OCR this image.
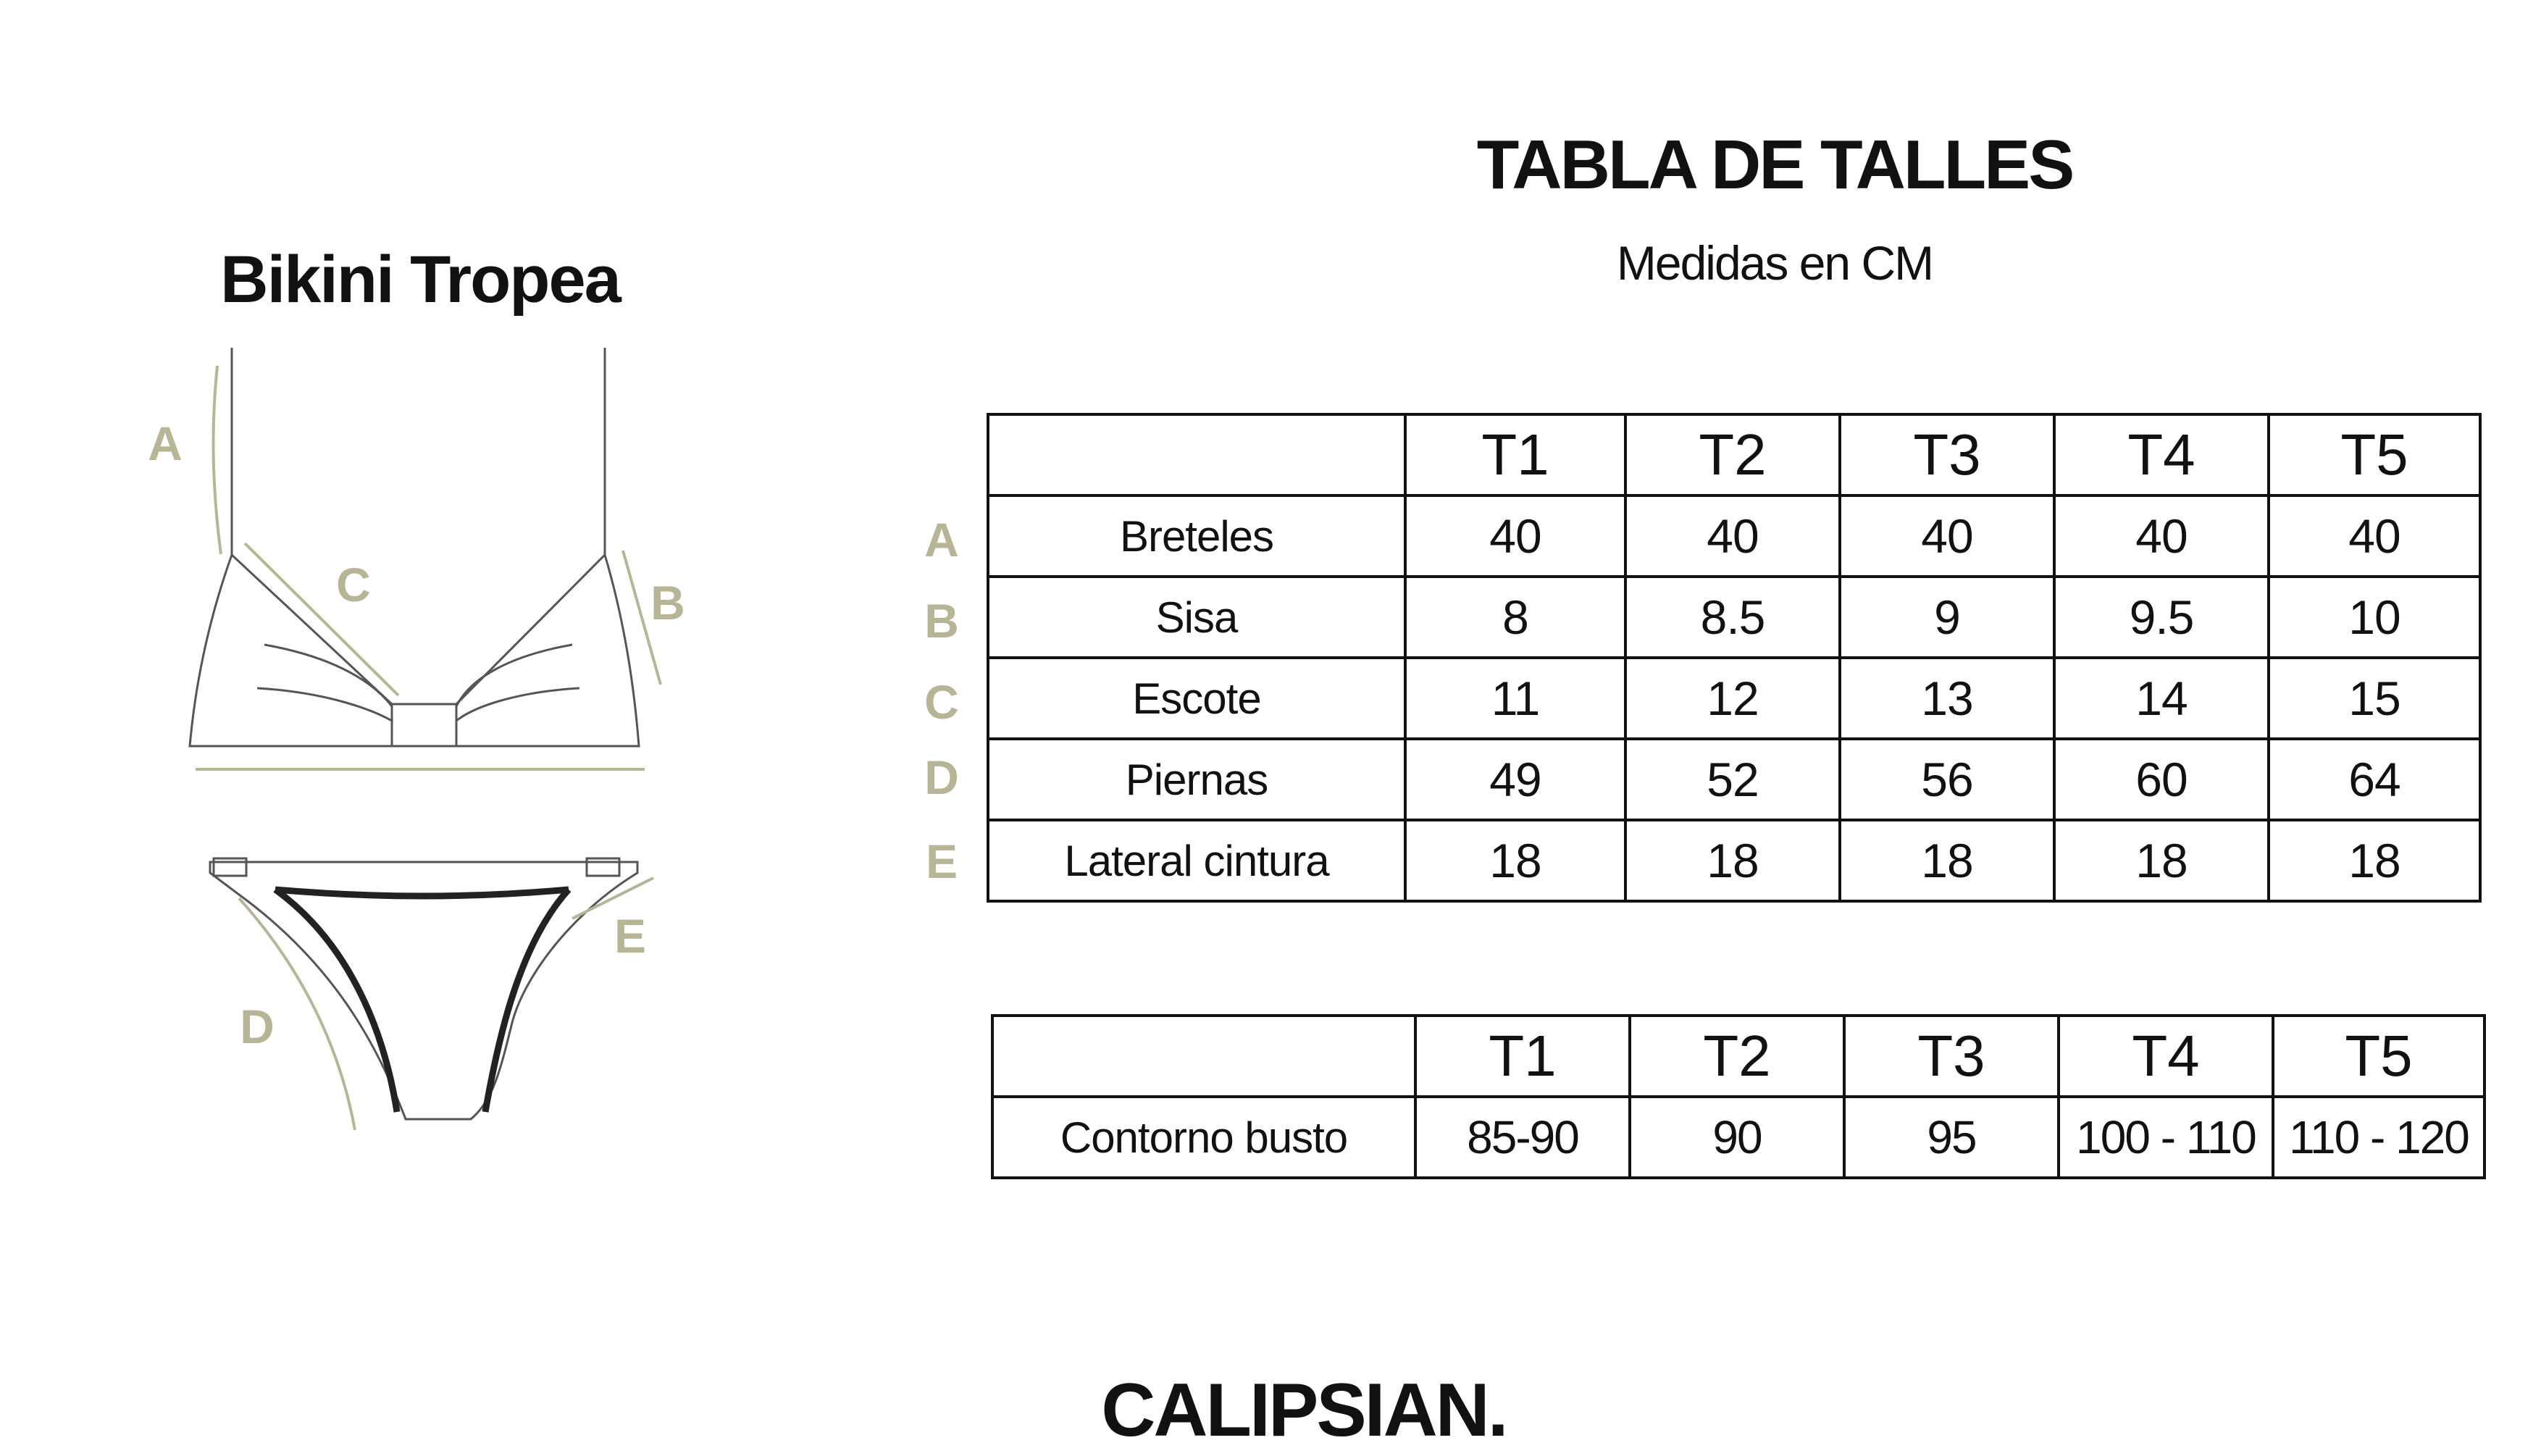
Bikini Tropea
A
B
C
D
E
TABLA DE TALLES
Medidas en CM
A
B
C
D
E
	T1	T2	T3	T4	T5
Breteles	40	40	40	40	40
Sisa	8	8.5	9	9.5	10
Escote	11	12	13	14	15
Piernas	49	52	56	60	64
Lateral cintura	18	18	18	18	18
	T1	T2	T3	T4	T5
Contorno busto	85-90	90	95	100 - 110	110 - 120
CALIPSIAN.
